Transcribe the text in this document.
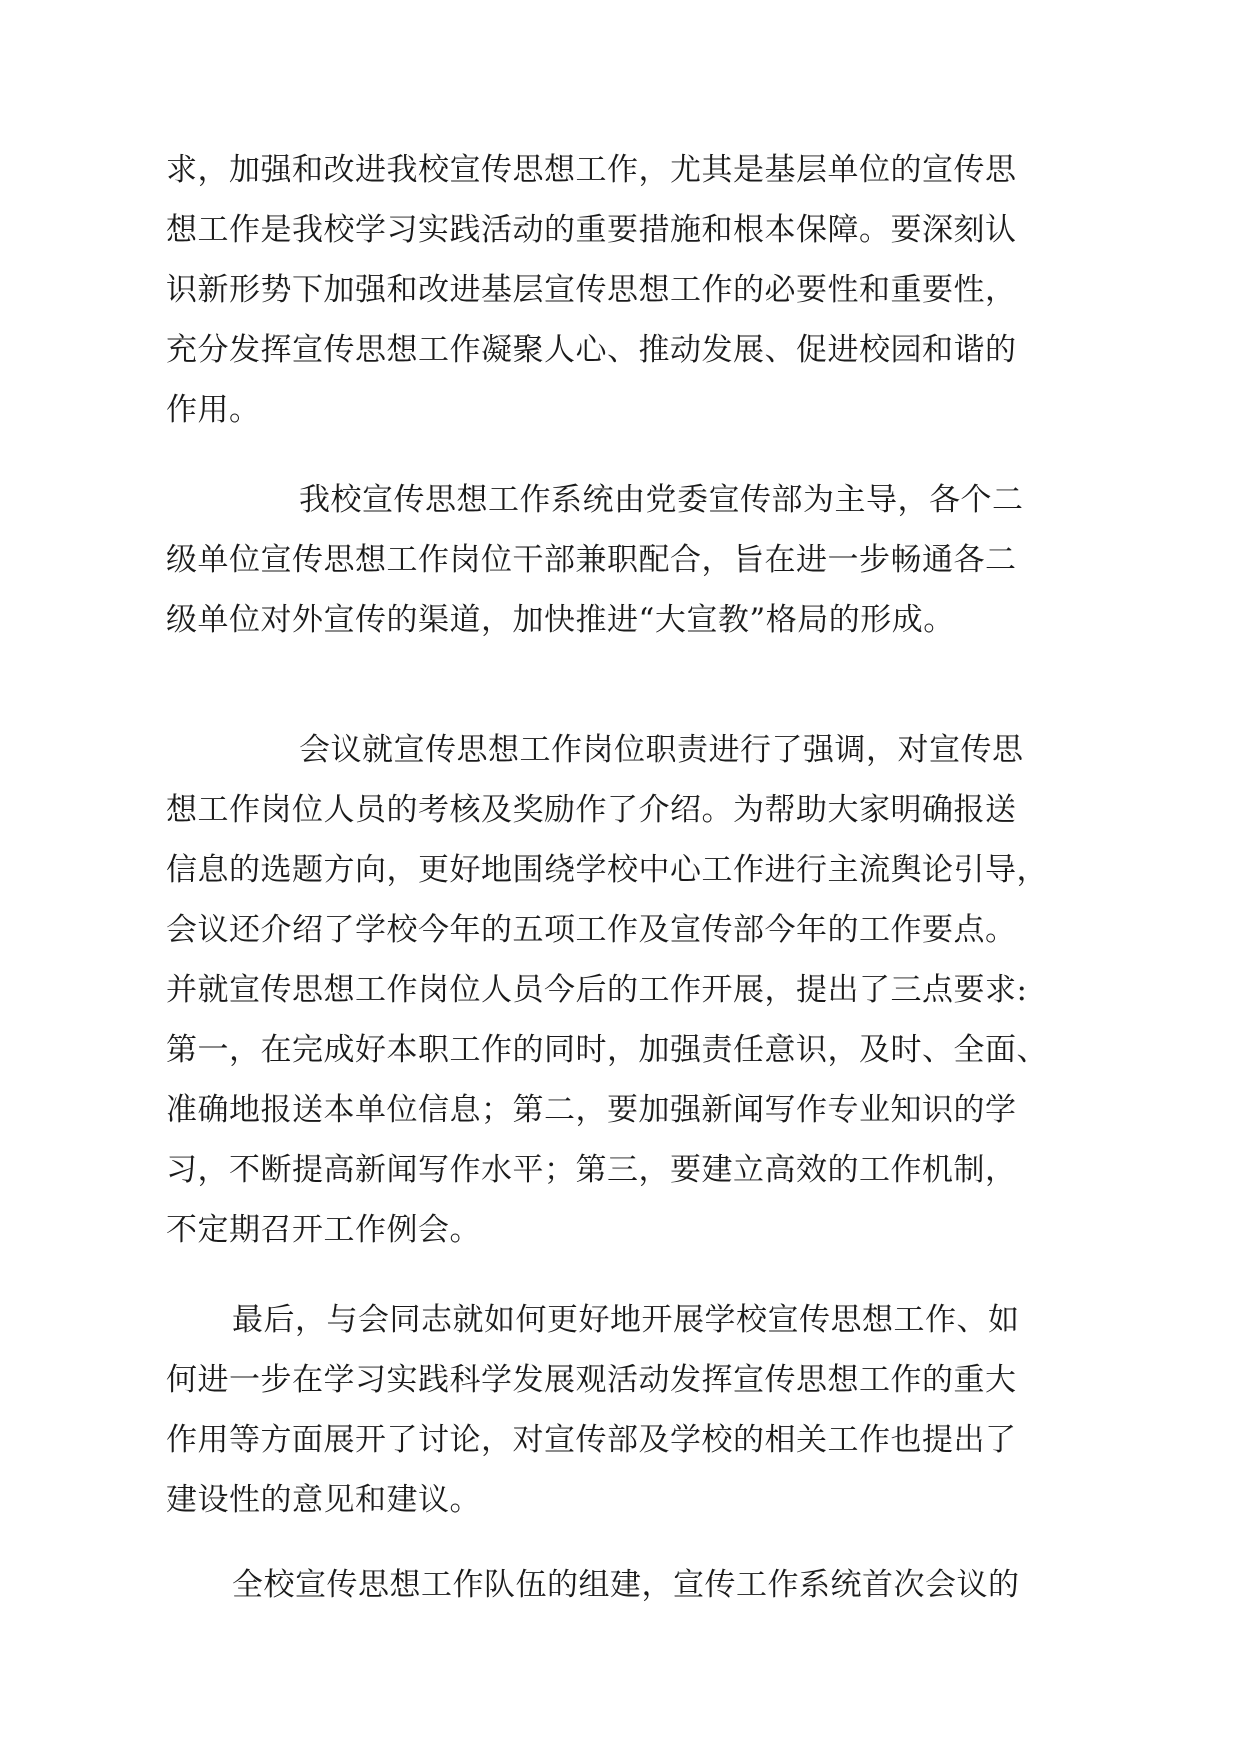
求，加强和改进我校宣传思想工作，尤其是基层单位的宣传思
想工作是我校学习实践活动的重要措施和根本保障。要深刻认
识新形势下加强和改进基层宣传思想工作的必要性和重要性，
充分发挥宣传思想工作凝聚人心、推动发展、促进校园和谐的
作用。
我校宣传思想工作系统由党委宣传部为主导，各个二
级单位宣传思想工作岗位干部兼职配合，旨在进一步畅通各二
级单位对外宣传的渠道，加快推进“大宣教”格局的形成。
会议就宣传思想工作岗位职责进行了强调，对宣传思
想工作岗位人员的考核及奖励作了介绍。为帮助大家明确报送
信息的选题方向，更好地围绕学校中心工作进行主流舆论引导，
会议还介绍了学校今年的五项工作及宣传部今年的工作要点。
并就宣传思想工作岗位人员今后的工作开展，提出了三点要求:
第一，在完成好本职工作的同时，加强责任意识，及时、全面、
准确地报送本单位信息；第二，要加强新闻写作专业知识的学
习，不断提高新闻写作水平；第三，要建立高效的工作机制，
不定期召开工作例会。
最后，与会同志就如何更好地开展学校宣传思想工作、如
何进一步在学习实践科学发展观活动发挥宣传思想工作的重大
作用等方面展开了讨论，对宣传部及学校的相关工作也提出了
建设性的意见和建议。
全校宣传思想工作队伍的组建，宣传工作系统首次会议的
